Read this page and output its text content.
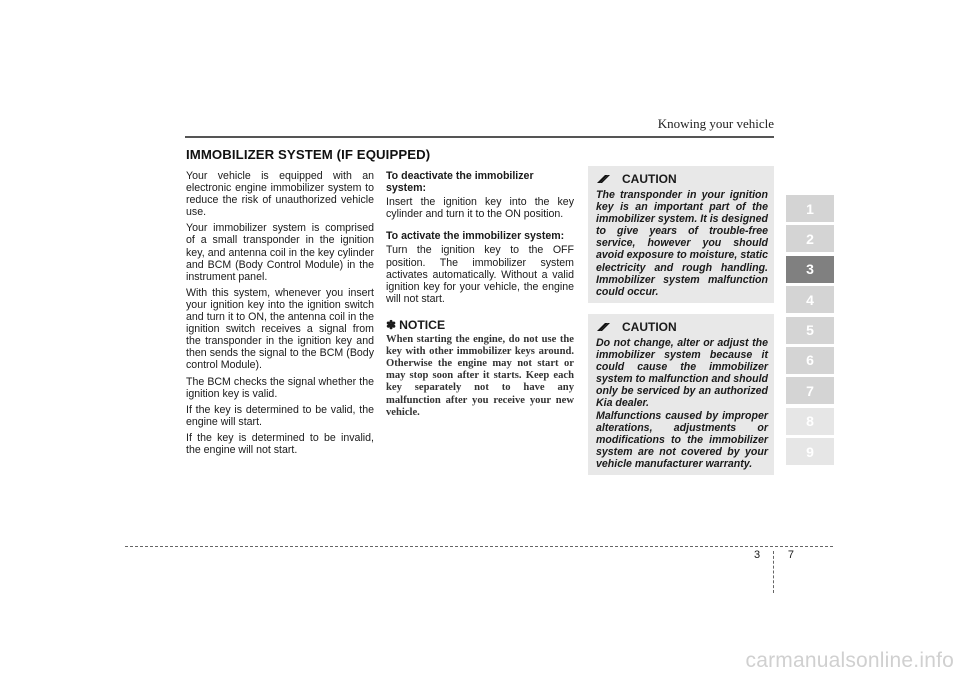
Knowing your vehicle
IMMOBILIZER SYSTEM (IF EQUIPPED)

Your vehicle is equipped with an electronic engine immobilizer system to reduce the risk of unauthorized vehicle use.

Your immobilizer system is comprised of a small transponder in the ignition key, and antenna coil in the key cylinder and BCM (Body Control Module) in the instrument panel.

With this system, whenever you insert your ignition key into the ignition switch and turn it to ON, the antenna coil in the ignition switch receives a signal from the transponder in the ignition key and then sends the signal to the BCM (Body control Module).

The BCM checks the signal whether the ignition key is valid.

If the key is determined to be valid, the engine will start.

If the key is determined to be invalid, the engine will not start.

To deactivate the immobilizer system:

Insert the ignition key into the key cylinder and turn it to the ON position.

To activate the immobilizer system:

Turn the ignition key to the OFF position. The immobilizer system activates automatically. Without a valid ignition key for your vehicle, the engine will not start.

✽ NOTICE
When starting the engine, do not use the key with other immobilizer keys around. Otherwise the engine may not start or may stop soon after it starts. Keep each key separately not to have any malfunction after you receive your new vehicle.
CAUTION
The transponder in your ignition key is an important part of the immobilizer system. It is designed to give years of trouble-free service, however you should avoid exposure to moisture, static electricity and rough handling. Immobilizer system malfunction could occur.
CAUTION
Do not change, alter or adjust the immobilizer system because it could cause the immobilizer system to malfunction and should only be serviced by an authorized Kia dealer.
Malfunctions caused by improper alterations, adjustments or modifications to the immobilizer system are not covered by your vehicle manufacturer warranty.
1
2
3
4
5
6
7
8
9
3	7
carmanualsonline.info
